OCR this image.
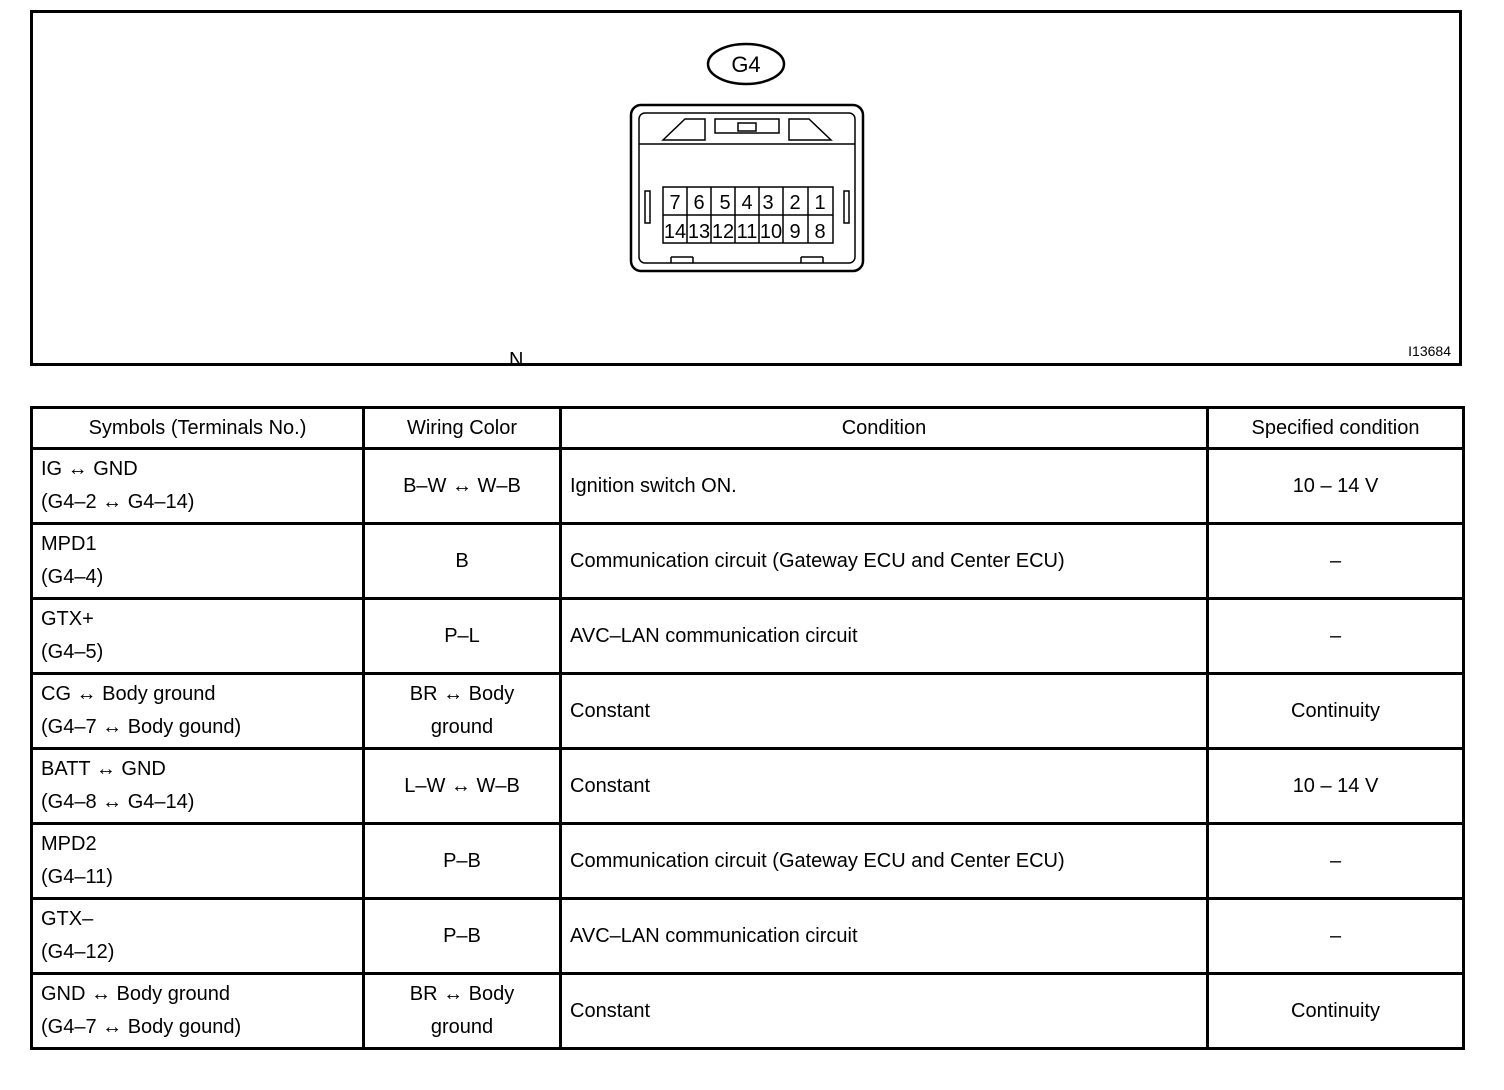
G4
7 6 5 4 3 2 1
14 13 12 11 10 9 8
N	I13684
Symbols (Terminals No.)	Wiring Color	Condition	Specified condition

IG ↔ GND
(G4–2 ↔ G4–14)	B–W ↔ W–B	Ignition switch ON.	10 – 14 V

MPD1
(G4–4)	B	Communication circuit (Gateway ECU and Center ECU)	–

GTX+
(G4–5)	P–L	AVC–LAN communication circuit	–

CG ↔ Body ground
(G4–7 ↔ Body gound)	BR ↔ Body
ground	Constant	Continuity

BATT ↔ GND
(G4–8 ↔ G4–14)	L–W ↔ W–B	Constant	10 – 14 V

MPD2
(G4–11)	P–B	Communication circuit (Gateway ECU and Center ECU)	–

GTX–
(G4–12)	P–B	AVC–LAN communication circuit	–

GND ↔ Body ground
(G4–7 ↔ Body gound)	BR ↔ Body
ground	Constant	Continuity
